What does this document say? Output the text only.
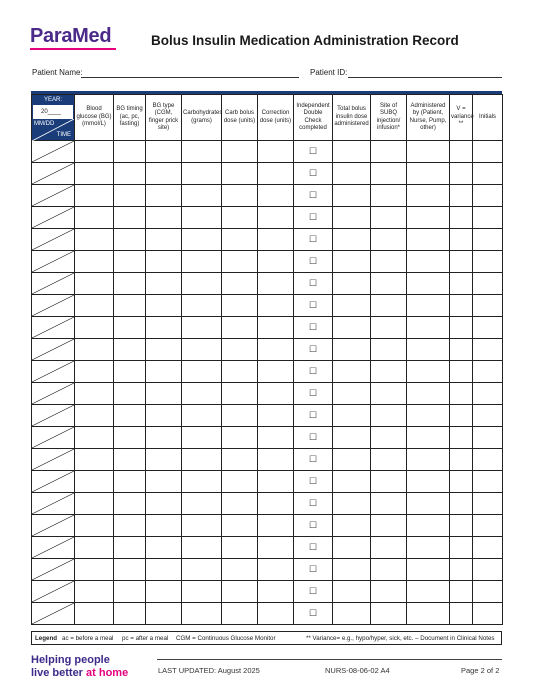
ParaMed	Bolus Insulin Medication Administration Record
Patient Name:	Patient ID:
YEAR:
20____
MM/DD
TIME	Blood glucose (BG) (mmol/L)	BG timing (ac, pc, fasting)	BG type (CGM, finger prick site)	Carbohydrates (grams)	Carb bolus dose (units)	Correction dose (units)	Independent Double Check completed	Total bolus insulin dose administered	Site of SUBQ injection/ infusion*	Administered by (Patient, Nurse, Pump, other)	V = variance **	Initials

							☐					

							☐					

							☐					

							☐					

							☐					

							☐					

							☐					

							☐					

							☐					

							☐					

							☐					

							☐					

							☐					

							☐					

							☐					

							☐					

							☐					

							☐					

							☐					

							☐					

							☐					

							☐					
Legend ac = before a meal pc = after a meal CGM = Continuous Glucose Monitor	** Variance= e.g., hypo/hyper, sick, etc. – Document in Clinical Notes
Helping people
live better at home	LAST UPDATED: August 2025	NURS-08-06-02 A4	Page 2 of 2
